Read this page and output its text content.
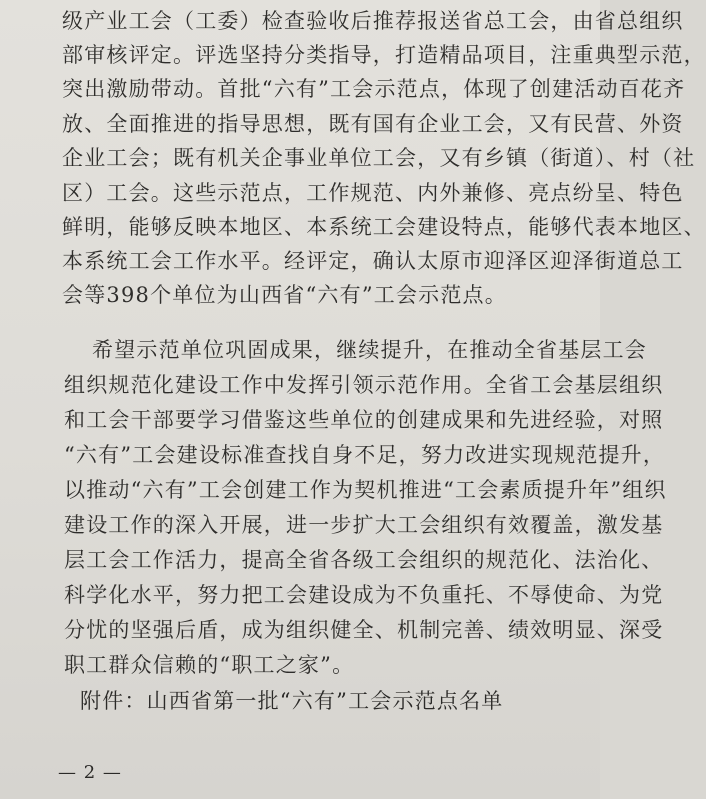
级产业工会（工委）检查验收后推荐报送省总工会，由省总组织
部审核评定。评选坚持分类指导，打造精品项目，注重典型示范，
突出激励带动。首批“六有”工会示范点，体现了创建活动百花齐
放、全面推进的指导思想，既有国有企业工会，又有民营、外资
企业工会；既有机关企事业单位工会，又有乡镇（街道）、村（社
区）工会。这些示范点，工作规范、内外兼修、亮点纷呈、特色
鲜明，能够反映本地区、本系统工会建设特点，能够代表本地区、
本系统工会工作水平。经评定，确认太原市迎泽区迎泽街道总工
会等398个单位为山西省“六有”工会示范点。
希望示范单位巩固成果，继续提升，在推动全省基层工会
组织规范化建设工作中发挥引领示范作用。全省工会基层组织
和工会干部要学习借鉴这些单位的创建成果和先进经验，对照
“六有”工会建设标准查找自身不足，努力改进实现规范提升，
以推动“六有”工会创建工作为契机推进“工会素质提升年”组织
建设工作的深入开展，进一步扩大工会组织有效覆盖，激发基
层工会工作活力，提高全省各级工会组织的规范化、法治化、
科学化水平，努力把工会建设成为不负重托、不辱使命、为党
分忧的坚强后盾，成为组织健全、机制完善、绩效明显、深受
职工群众信赖的“职工之家”。
附件：山西省第一批“六有”工会示范点名单
— 2 —
